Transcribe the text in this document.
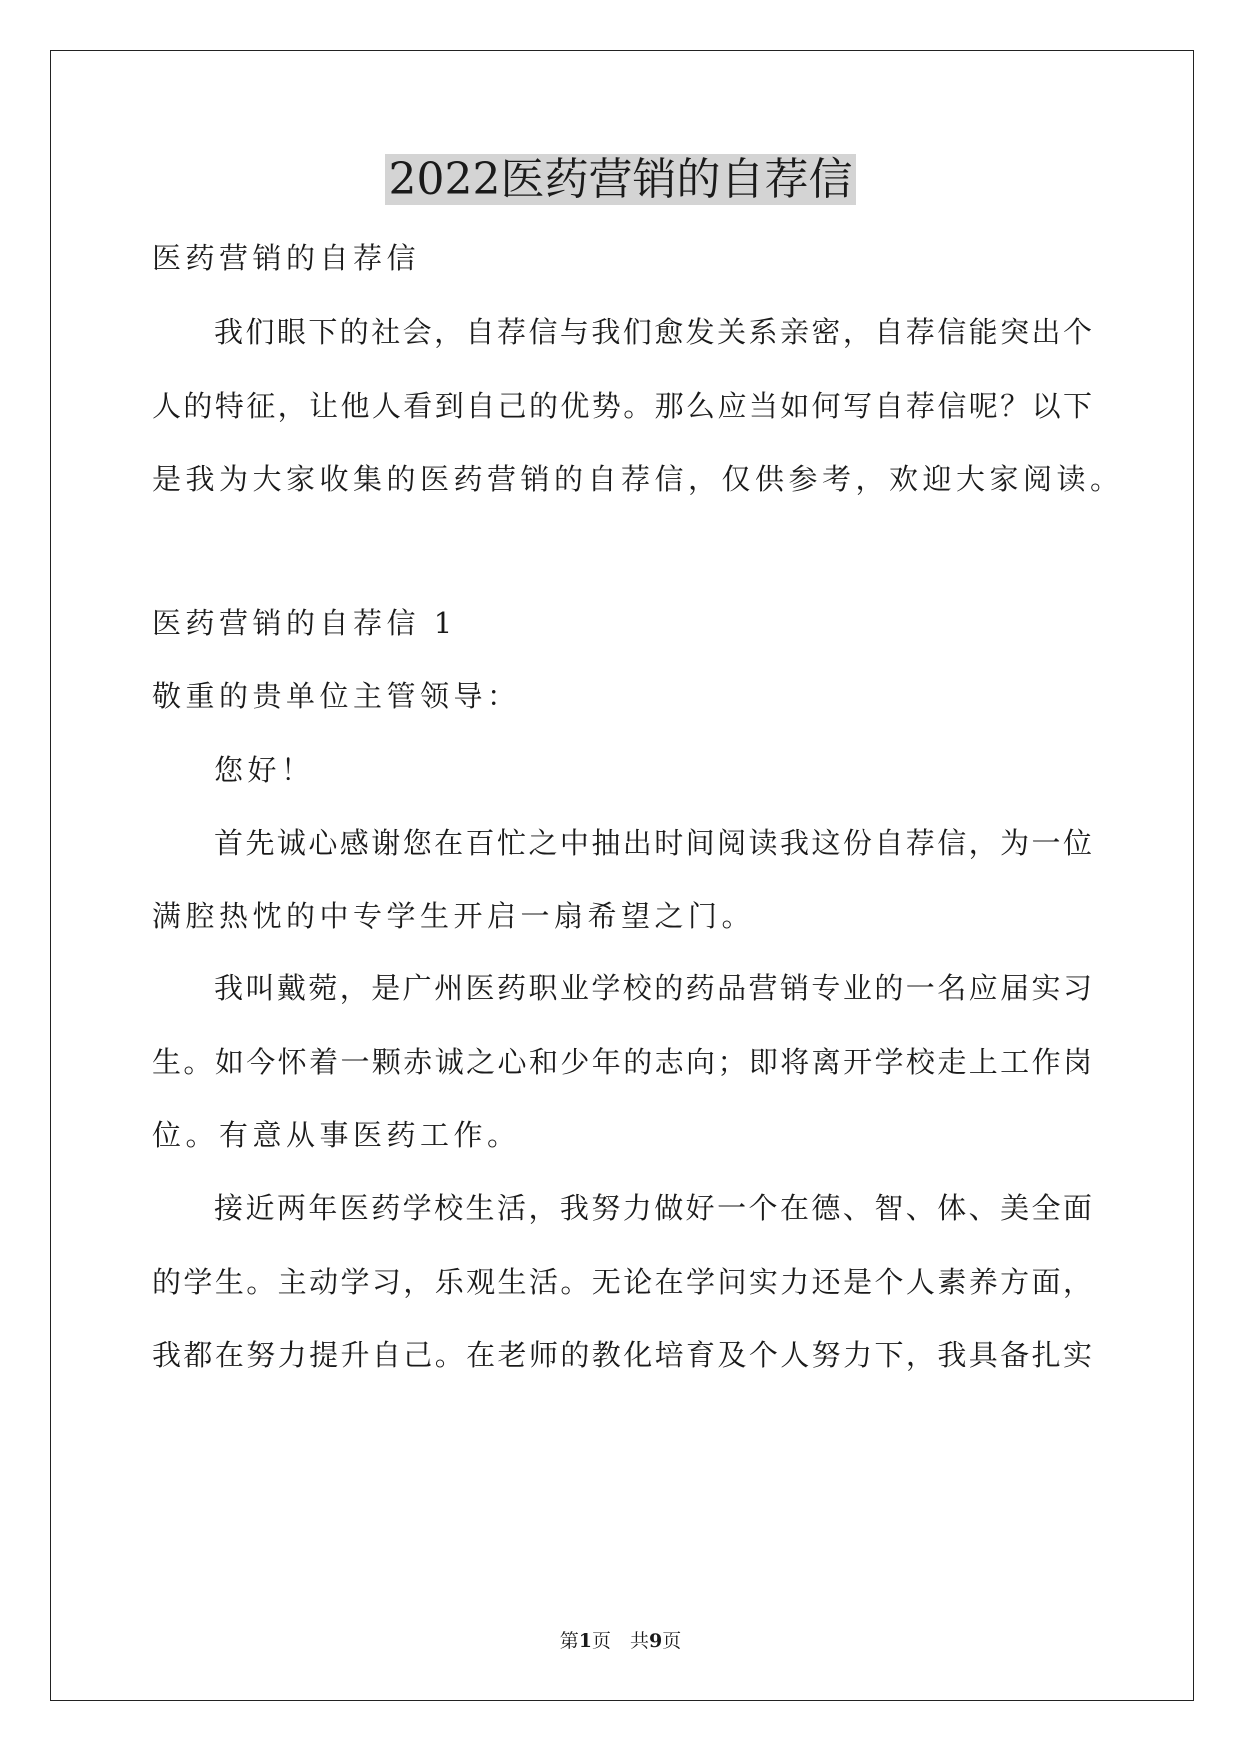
2022医药营销的自荐信
医药营销的自荐信
我们眼下的社会，自荐信与我们愈发关系亲密，自荐信能突出个
人的特征，让他人看到自己的优势。那么应当如何写自荐信呢？以下
是我为大家收集的医药营销的自荐信，仅供参考，欢迎大家阅读。
医药营销的自荐信 1
敬重的贵单位主管领导：
您好！
首先诚心感谢您在百忙之中抽出时间阅读我这份自荐信，为一位
满腔热忱的中专学生开启一扇希望之门。
我叫戴菀，是广州医药职业学校的药品营销专业的一名应届实习
生。如今怀着一颗赤诚之心和少年的志向；即将离开学校走上工作岗
位。有意从事医药工作。
接近两年医药学校生活，我努力做好一个在德、智、体、美全面
的学生。主动学习，乐观生活。无论在学问实力还是个人素养方面，
我都在努力提升自己。在老师的教化培育及个人努力下，我具备扎实
第1页　共9页
